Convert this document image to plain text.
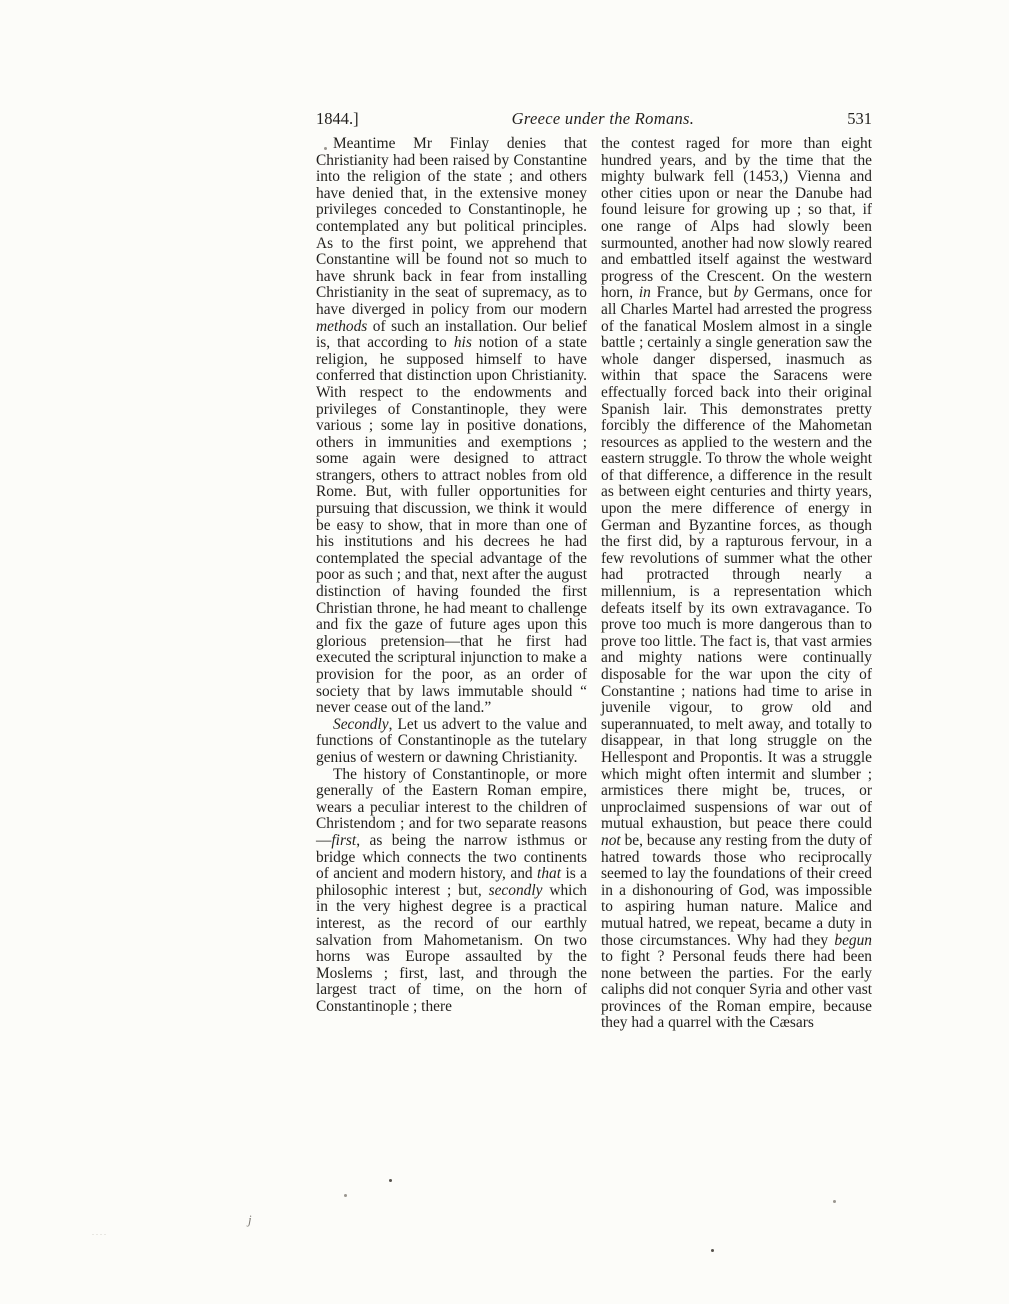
1844.]	Greece under the Romans.	531

Meantime Mr Finlay denies that Christianity had been raised by Constantine into the religion of the state ; and others have denied that, in the extensive money privileges conceded to Constantinople, he contemplated any but political principles. As to the first point, we apprehend that Constantine will be found not so much to have shrunk back in fear from installing Christianity in the seat of supremacy, as to have diverged in policy from our modern methods of such an installation. Our belief is, that according to his notion of a state religion, he supposed himself to have conferred that distinction upon Christianity. With respect to the endowments and privileges of Constantinople, they were various ; some lay in positive donations, others in immunities and exemptions ; some again were designed to attract strangers, others to attract nobles from old Rome. But, with fuller opportunities for pursuing that discussion, we think it would be easy to show, that in more than one of his institutions and his decrees he had contemplated the special advantage of the poor as such ; and that, next after the august distinction of having founded the first Christian throne, he had meant to challenge and fix the gaze of future ages upon this glorious pretension—that he first had executed the scriptural injunction to make a provision for the poor, as an order of society that by laws immutable should “ never cease out of the land.”

Secondly, Let us advert to the value and functions of Constantinople as the tutelary genius of western or dawning Christianity.

The history of Constantinople, or more generally of the Eastern Roman empire, wears a peculiar interest to the children of Christendom ; and for two separate reasons—first, as being the narrow isthmus or bridge which connects the two continents of ancient and modern history, and that is a philosophic interest ; but, secondly which in the very highest degree is a practical interest, as the record of our earthly salvation from Mahometanism. On two horns was Europe assaulted by the Moslems ; first, last, and through the largest tract of time, on the horn of Constantinople ; there

the contest raged for more than eight hundred years, and by the time that the mighty bulwark fell (1453,) Vienna and other cities upon or near the Danube had found leisure for growing up ; so that, if one range of Alps had slowly been surmounted, another had now slowly reared and embattled itself against the westward progress of the Crescent. On the western horn, in France, but by Germans, once for all Charles Martel had arrested the progress of the fanatical Moslem almost in a single battle ; certainly a single generation saw the whole danger dispersed, inasmuch as within that space the Saracens were effectually forced back into their original Spanish lair. This demonstrates pretty forcibly the difference of the Mahometan resources as applied to the western and the eastern struggle. To throw the whole weight of that difference, a difference in the result as between eight centuries and thirty years, upon the mere difference of energy in German and Byzantine forces, as though the first did, by a rapturous fervour, in a few revolutions of summer what the other had protracted through nearly a millennium, is a representation which defeats itself by its own extravagance. To prove too much is more dangerous than to prove too little. The fact is, that vast armies and mighty nations were continually disposable for the war upon the city of Constantine ; nations had time to arise in juvenile vigour, to grow old and superannuated, to melt away, and totally to disappear, in that long struggle on the Hellespont and Propontis. It was a struggle which might often intermit and slumber ; armistices there might be, truces, or unproclaimed suspensions of war out of mutual exhaustion, but peace there could not be, because any resting from the duty of hatred towards those who reciprocally seemed to lay the foundations of their creed in a dishonouring of God, was impossible to aspiring human nature. Malice and mutual hatred, we repeat, became a duty in those circumstances. Why had they begun to fight ? Personal feuds there had been none between the parties. For the early caliphs did not conquer Syria and other vast provinces of the Roman empire, because they had a quarrel with the Cæsars

j
....
